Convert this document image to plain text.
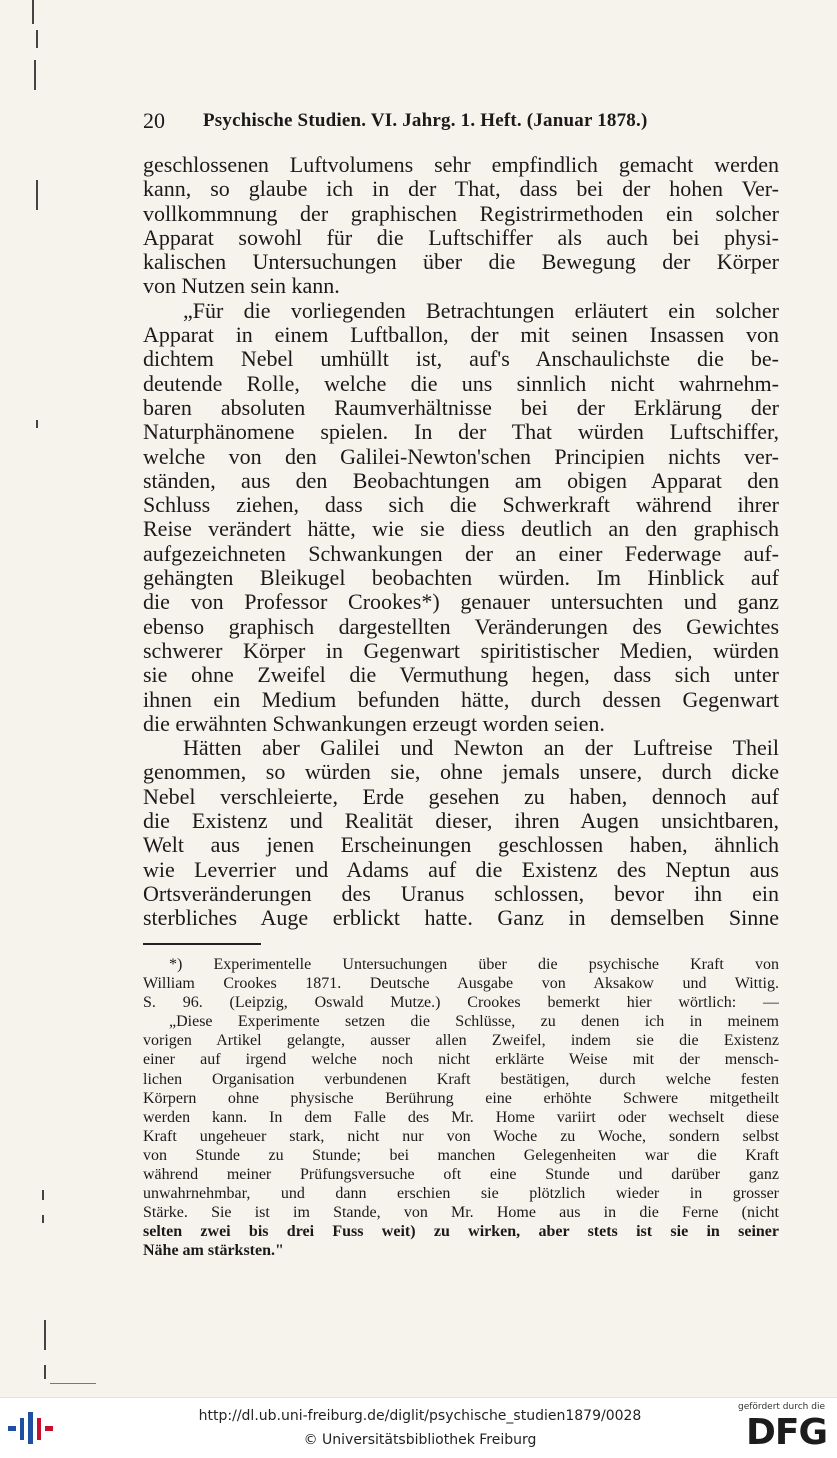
20 Psychische Studien. VI. Jahrg. 1. Heft. (Januar 1878.)
geschlossenen Luftvolumens sehr empfindlich gemacht werden
kann, so glaube ich in der That, dass bei der hohen Ver-
vollkommnung der graphischen Registrirmethoden ein solcher
Apparat sowohl für die Luftschiffer als auch bei physi-
kalischen Untersuchungen über die Bewegung der Körper
von Nutzen sein kann.
„Für die vorliegenden Betrachtungen erläutert ein solcher
Apparat in einem Luftballon, der mit seinen Insassen von
dichtem Nebel umhüllt ist, auf's Anschaulichste die be-
deutende Rolle, welche die uns sinnlich nicht wahrnehm-
baren absoluten Raumverhältnisse bei der Erklärung der
Naturphänomene spielen. In der That würden Luftschiffer,
welche von den Galilei-Newton'schen Principien nichts ver-
ständen, aus den Beobachtungen am obigen Apparat den
Schluss ziehen, dass sich die Schwerkraft während ihrer
Reise verändert hätte, wie sie diess deutlich an den graphisch
aufgezeichneten Schwankungen der an einer Federwage auf-
gehängten Bleikugel beobachten würden. Im Hinblick auf
die von Professor Crookes*) genauer untersuchten und ganz
ebenso graphisch dargestellten Veränderungen des Gewichtes
schwerer Körper in Gegenwart spiritistischer Medien, würden
sie ohne Zweifel die Vermuthung hegen, dass sich unter
ihnen ein Medium befunden hätte, durch dessen Gegenwart
die erwähnten Schwankungen erzeugt worden seien.
Hätten aber Galilei und Newton an der Luftreise Theil
genommen, so würden sie, ohne jemals unsere, durch dicke
Nebel verschleierte, Erde gesehen zu haben, dennoch auf
die Existenz und Realität dieser, ihren Augen unsichtbaren,
Welt aus jenen Erscheinungen geschlossen haben, ähnlich
wie Leverrier und Adams auf die Existenz des Neptun aus
Ortsveränderungen des Uranus schlossen, bevor ihn ein
sterbliches Auge erblickt hatte. Ganz in demselben Sinne
*) Experimentelle Untersuchungen über die psychische Kraft von
William Crookes 1871. Deutsche Ausgabe von Aksakow und Wittig.
S. 96. (Leipzig, Oswald Mutze.) Crookes bemerkt hier wörtlich: —
„Diese Experimente setzen die Schlüsse, zu denen ich in meinem
vorigen Artikel gelangte, ausser allen Zweifel, indem sie die Existenz
einer auf irgend welche noch nicht erklärte Weise mit der mensch-
lichen Organisation verbundenen Kraft bestätigen, durch welche festen
Körpern ohne physische Berührung eine erhöhte Schwere mitgetheilt
werden kann. In dem Falle des Mr. Home variirt oder wechselt diese
Kraft ungeheuer stark, nicht nur von Woche zu Woche, sondern selbst
von Stunde zu Stunde; bei manchen Gelegenheiten war die Kraft
während meiner Prüfungsversuche oft eine Stunde und darüber ganz
unwahrnehmbar, und dann erschien sie plötzlich wieder in grosser
Stärke. Sie ist im Stande, von Mr. Home aus in die Ferne (nicht
selten zwei bis drei Fuss weit) zu wirken, aber stets ist sie in seiner
Nähe am stärksten."
http://dl.ub.uni-freiburg.de/diglit/psychische_studien1879/0028
© Universitätsbibliothek Freiburg
gefördert durch die
DFG
